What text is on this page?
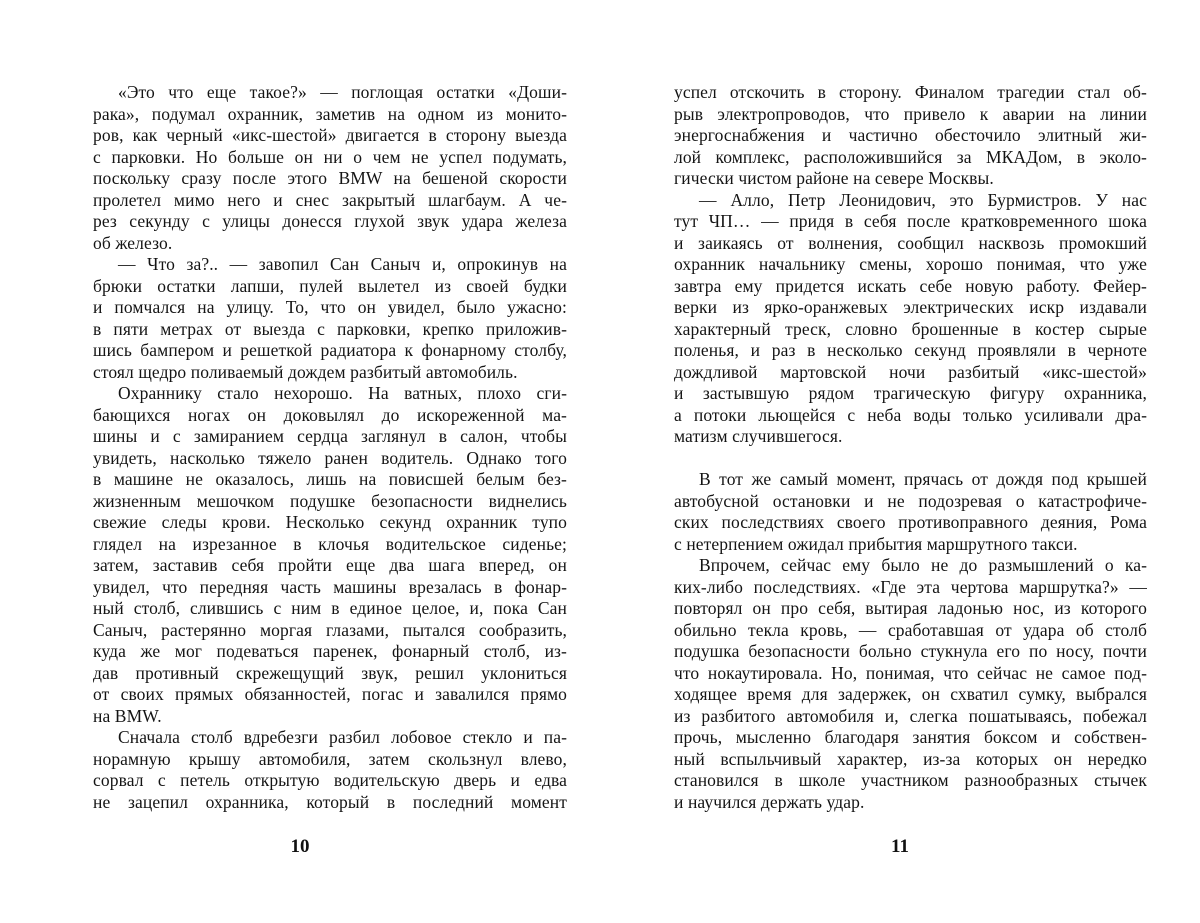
«Это что еще такое?» — поглощая остатки «Доши-
рака», подумал охранник, заметив на одном из монито-
ров, как черный «икс-шестой» двигается в сторону выезда
с парковки. Но больше он ни о чем не успел подумать,
поскольку сразу после этого BMW на бешеной скорости
пролетел мимо него и снес закрытый шлагбаум. А че-
рез секунду с улицы донесся глухой звук удара железа
об железо.

— Что за?.. — завопил Сан Саныч и, опрокинув на
брюки остатки лапши, пулей вылетел из своей будки
и помчался на улицу. То, что он увидел, было ужасно:
в пяти метрах от выезда с парковки, крепко приложив-
шись бампером и решеткой радиатора к фонарному столбу,
стоял щедро поливаемый дождем разбитый автомобиль.

Охраннику стало нехорошо. На ватных, плохо сги-
бающихся ногах он доковылял до искореженной ма-
шины и с замиранием сердца заглянул в салон, чтобы
увидеть, насколько тяжело ранен водитель. Однако того
в машине не оказалось, лишь на повисшей белым без-
жизненным мешочком подушке безопасности виднелись
свежие следы крови. Несколько секунд охранник тупо
глядел на изрезанное в клочья водительское сиденье;
затем, заставив себя пройти еще два шага вперед, он
увидел, что передняя часть машины врезалась в фонар-
ный столб, слившись с ним в единое целое, и, пока Сан
Саныч, растерянно моргая глазами, пытался сообразить,
куда же мог подеваться паренек, фонарный столб, из-
дав противный скрежещущий звук, решил уклониться
от своих прямых обязанностей, погас и завалился прямо
на BMW.

Сначала столб вдребезги разбил лобовое стекло и па-
норамную крышу автомобиля, затем скользнул влево,
сорвал с петель открытую водительскую дверь и едва
не зацепил охранника, который в последний момент

10

успел отскочить в сторону. Финалом трагедии стал об-
рыв электропроводов, что привело к аварии на линии
энергоснабжения и частично обесточило элитный жи-
лой комплекс, расположившийся за МКАДом, в эколо-
гически чистом районе на севере Москвы.

— Алло, Петр Леонидович, это Бурмистров. У нас
тут ЧП… — придя в себя после кратковременного шока
и заикаясь от волнения, сообщил насквозь промокший
охранник начальнику смены, хорошо понимая, что уже
завтра ему придется искать себе новую работу. Фейер-
верки из ярко-оранжевых электрических искр издавали
характерный треск, словно брошенные в костер сырые
поленья, и раз в несколько секунд проявляли в черноте
дождливой мартовской ночи разбитый «икс-шестой»
и застывшую рядом трагическую фигуру охранника,
а потоки льющейся с неба воды только усиливали дра-
матизм случившегося.

В тот же самый момент, прячась от дождя под крышей
автобусной остановки и не подозревая о катастрофиче-
ских последствиях своего противоправного деяния, Рома
с нетерпением ожидал прибытия маршрутного такси.

Впрочем, сейчас ему было не до размышлений о ка-
ких-либо последствиях. «Где эта чертова маршрутка?» —
повторял он про себя, вытирая ладонью нос, из которого
обильно текла кровь, — сработавшая от удара об столб
подушка безопасности больно стукнула его по носу, почти
что нокаутировала. Но, понимая, что сейчас не самое под-
ходящее время для задержек, он схватил сумку, выбрался
из разбитого автомобиля и, слегка пошатываясь, побежал
прочь, мысленно благодаря занятия боксом и собствен-
ный вспыльчивый характер, из-за которых он нередко
становился в школе участником разнообразных стычек
и научился держать удар.

11
